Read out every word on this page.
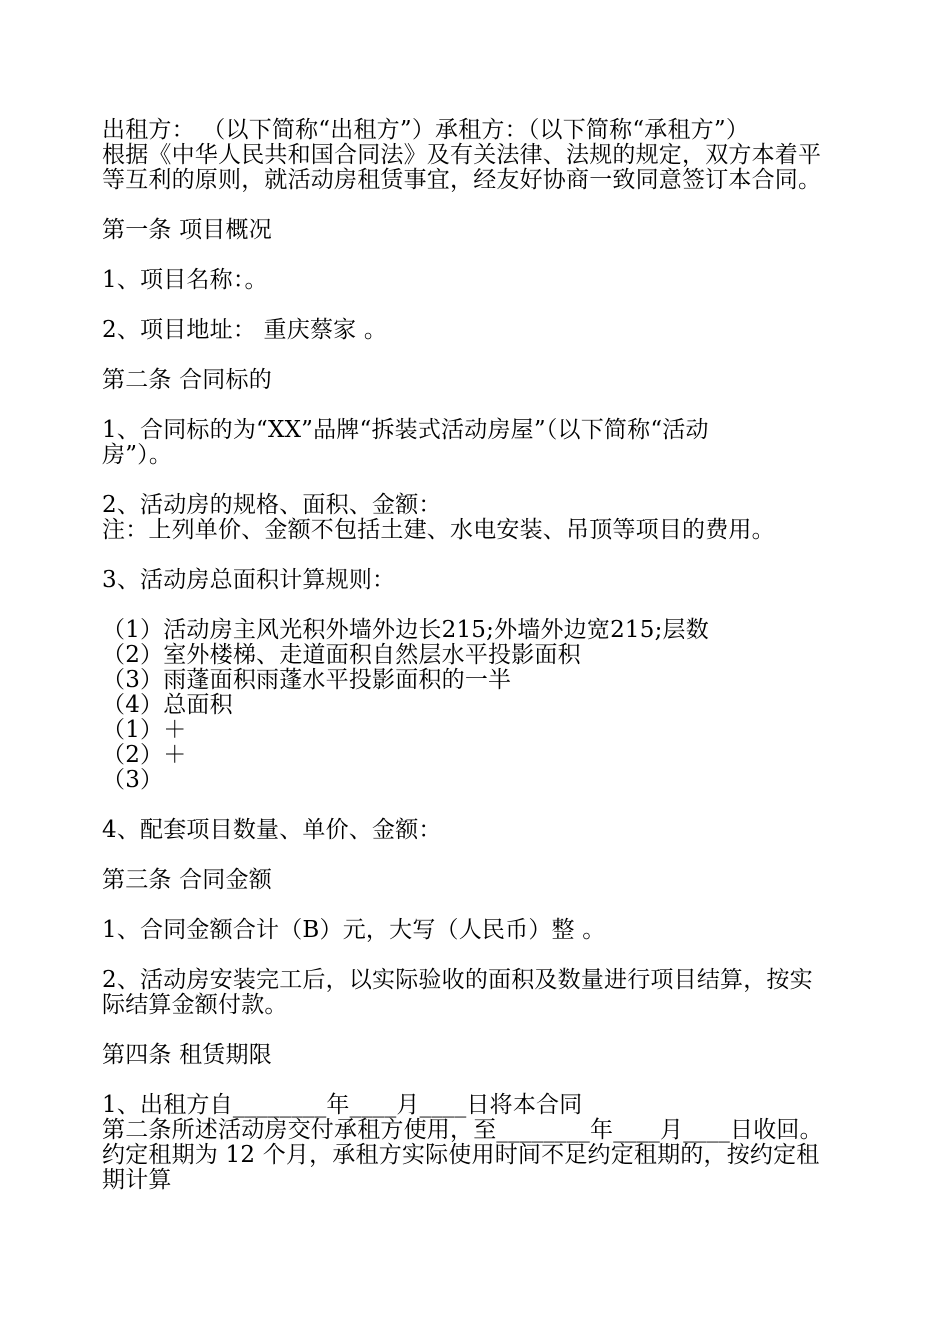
出租方： （以下简称“出租方”）承租方：（以下简称“承租方”）
根据《中华人民共和国合同法》及有关法律、法规的规定，双方本着平
等互利的原则，就活动房租赁事宜，经友好协商一致同意签订本合同。
第一条 项目概况
1、项目名称：。
2、项目地址： 重庆蔡家 。
第二条 合同标的
1、合同标的为“XX”品牌“拆装式活动房屋”（以下简称“活动
房”）。
2、活动房的规格、面积、金额：
注：上列单价、金额不包括土建、水电安装、吊顶等项目的费用。
3、活动房总面积计算规则：
（1）活动房主风光积外墙外边长215;外墙外边宽215;层数
（2）室外楼梯、走道面积自然层水平投影面积
（3）雨蓬面积雨蓬水平投影面积的一半
（4）总面积
（1）＋
（2）＋
（3）
4、配套项目数量、单价、金额：
第三条 合同金额
1、合同金额合计（B）元，大写（人民币）整 。
2、活动房安装完工后，以实际验收的面积及数量进行项目结算，按实
际结算金额付款。
第四条 租赁期限
1、出租方自________年____月____日将本合同
第二条所述活动房交付承租方使用，至________年____月____日收回。
约定租期为 12 个月，承租方实际使用时间不足约定租期的，按约定租
期计算
